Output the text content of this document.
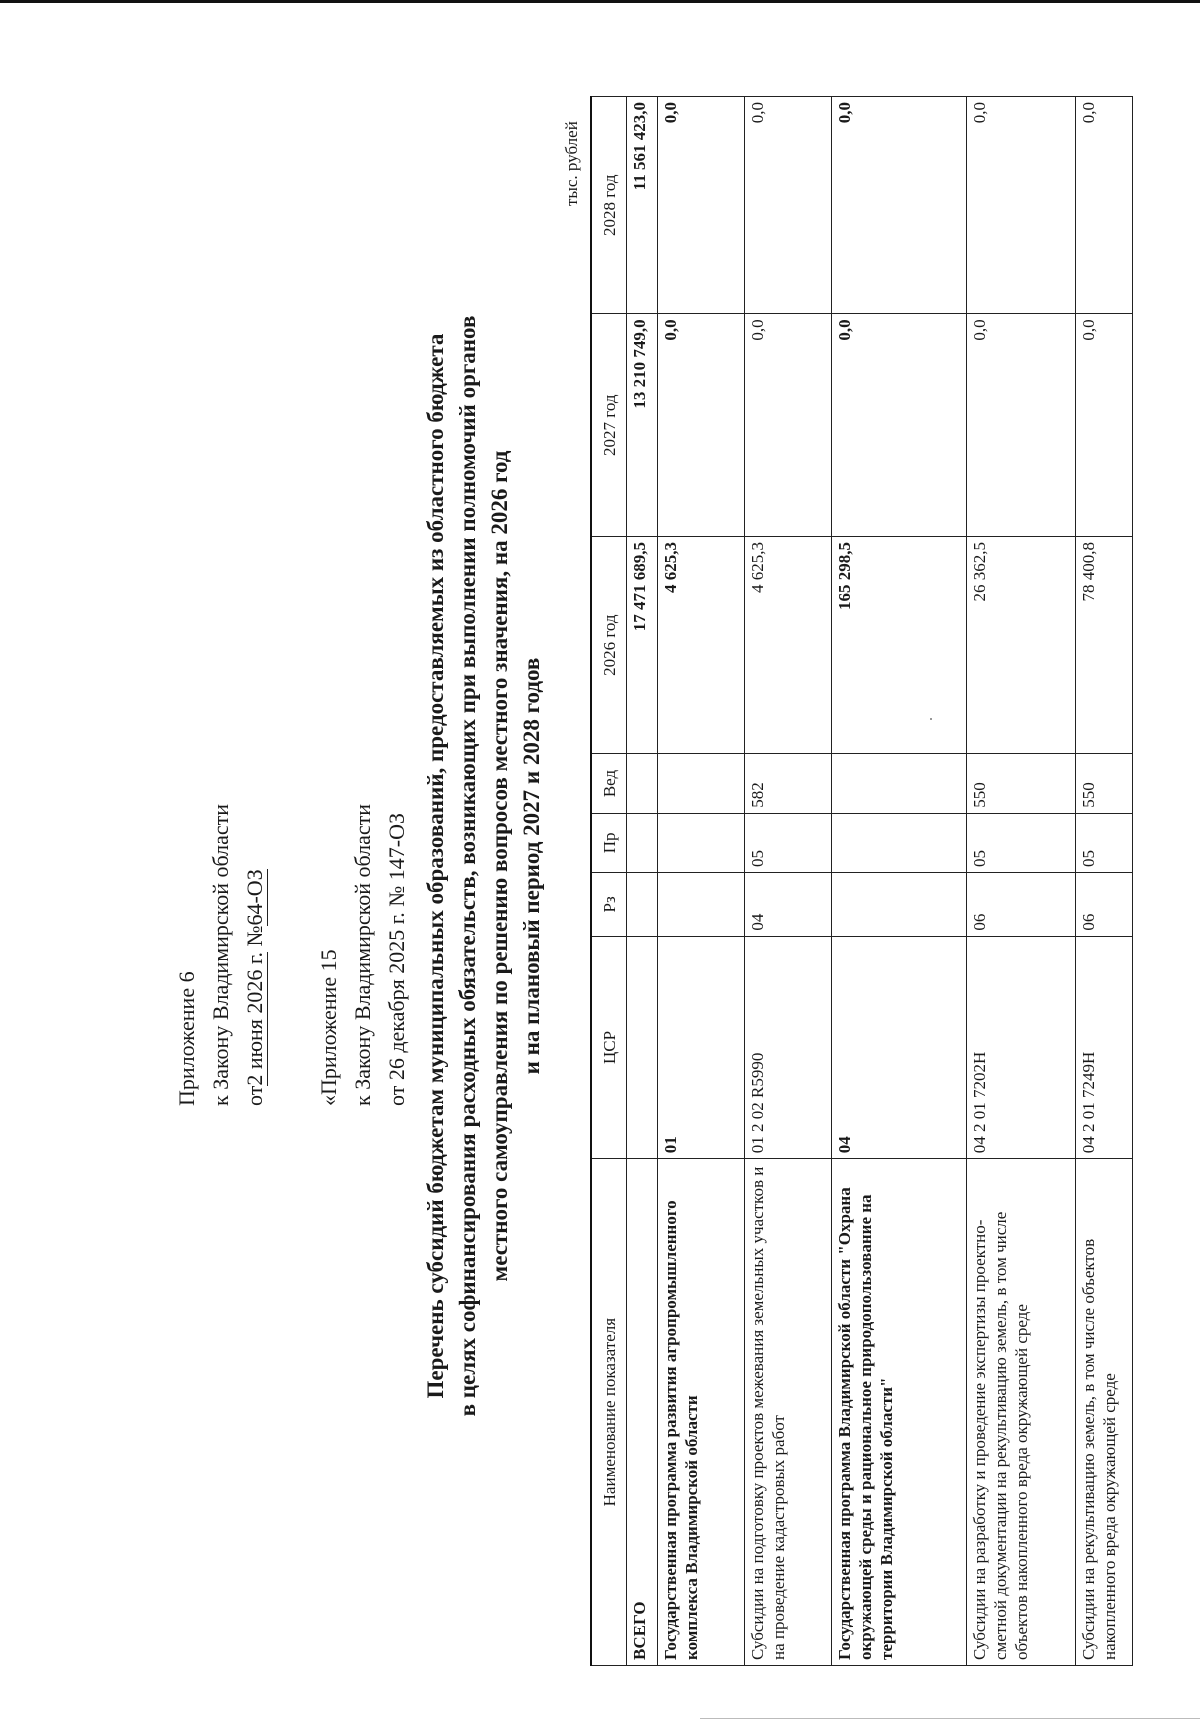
Приложение 6 к Закону Владимирской области от2 июня 2026 г. №64-ОЗ
«Приложение 15 к Закону Владимирской области от 26 декабря 2025 г. № 147-ОЗ Перечень субсидий бюджетам муниципальных образований, предоставляемых из областного бюджета в целях софинансирования расходных обязательств, возникающих при выполнении полномочий органов местного самоуправления по решению вопросов местного значения, на 2026 год и на плановый период 2027 и 2028 годов
тыс. рублей
Наименование показателя	ЦСР	Рз	Пр	Вед	2026 год	2027 год	2028 год
ВСЕГО					17 471 689,5	13 210 749,0	11 561 423,0
Государственная программа развития агропромышленного комплекса Владимирской области	01				4 625,3	0,0	0,0
Субсидии на подготовку проектов межевания земельных участков и на проведение кадастровых работ	01 2 02 R5990	04	05	582	4 625,3	0,0	0,0
Государственная программа Владимирской области "Охрана окружающей среды и рациональное природопользование на территории Владимирской области"	04				165 298,5	0,0	0,0
Субсидии на разработку и проведение экспертизы проектно-сметной документации на рекультивацию земель, в том числе объектов накопленного вреда окружающей среде	04 2 01 7202Н	06	05	550	26 362,5	0,0	0,0
Субсидии на рекультивацию земель, в том числе объектов накопленного вреда окружающей среде	04 2 01 7249Н	06	05	550	78 400,8	0,0	0,0
